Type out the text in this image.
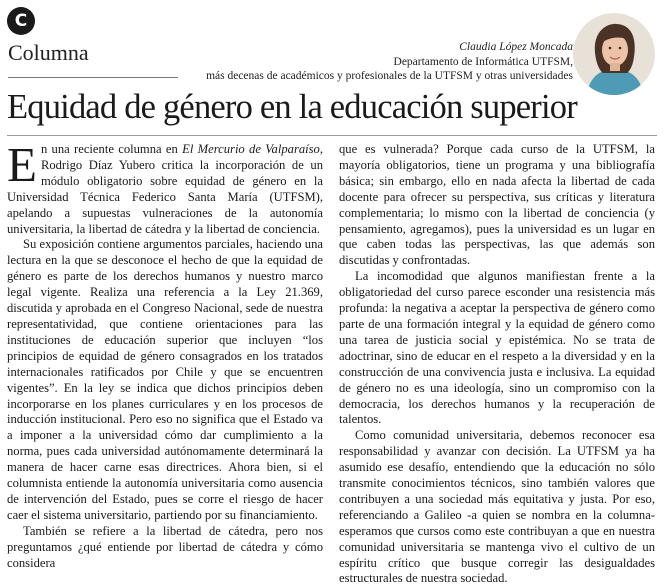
C
Columna	Claudia López Moncada
Departamento de Informática UTFSM,
más decenas de académicos y profesionales de la UTFSM y otras universidades
Equidad de género en la educación superior

En una reciente columna en El Mercurio de Valparaíso, Rodrigo Díaz Yubero critica la incorporación de un módulo obligatorio sobre equidad de género en la Universidad Técnica Federico Santa María (UTFSM), apelando a supuestas vulneraciones de la autonomía universitaria, la libertad de cátedra y la libertad de conciencia.

Su exposición contiene argumentos parciales, haciendo una lectura en la que se desconoce el hecho de que la equidad de género es parte de los derechos humanos y nuestro marco legal vigente. Realiza una referencia a la Ley 21.369, discutida y aprobada en el Congreso Nacional, sede de nuestra representatividad, que contiene orientaciones para las instituciones de educación superior que incluyen “los principios de equidad de género consagrados en los tratados internacionales ratificados por Chile y que se encuentren vigentes”. En la ley se indica que dichos principios deben incorporarse en los planes curriculares y en los procesos de inducción institucional. Pero eso no significa que el Estado va a imponer a la universidad cómo dar cumplimiento a la norma, pues cada universidad autónomamente determinará la manera de hacer carne esas directrices. Ahora bien, si el columnista entiende la autonomía universitaria como ausencia de intervención del Estado, pues se corre el riesgo de hacer caer el sistema universitario, partiendo por su financiamiento.

También se refiere a la libertad de cátedra, pero nos preguntamos ¿qué entiende por libertad de cátedra y cómo considera

que es vulnerada? Porque cada curso de la UTFSM, la mayoría obligatorios, tiene un programa y una bibliografía básica; sin embargo, ello en nada afecta la libertad de cada docente para ofrecer su perspectiva, sus críticas y literatura complementaria; lo mismo con la libertad de conciencia (y pensamiento, agregamos), pues la universidad es un lugar en que caben todas las perspectivas, las que además son discutidas y confrontadas.

La incomodidad que algunos manifiestan frente a la obligatoriedad del curso parece esconder una resistencia más profunda: la negativa a aceptar la perspectiva de género como parte de una formación integral y la equidad de género como una tarea de justicia social y epistémica. No se trata de adoctrinar, sino de educar en el respeto a la diversidad y en la construcción de una convivencia justa e inclusiva. La equidad de género no es una ideología, sino un compromiso con la democracia, los derechos humanos y la recuperación de talentos.

Como comunidad universitaria, debemos reconocer esa responsabilidad y avanzar con decisión. La UTFSM ya ha asumido ese desafío, entendiendo que la educación no sólo transmite conocimientos técnicos, sino también valores que contribuyen a una sociedad más equitativa y justa. Por eso, referenciando a Galileo -a quien se nombra en la columna- esperamos que cursos como este contribuyan a que en nuestra comunidad universitaria se mantenga vivo el cultivo de un espíritu crítico que busque corregir las desigualdades estructurales de nuestra sociedad.
